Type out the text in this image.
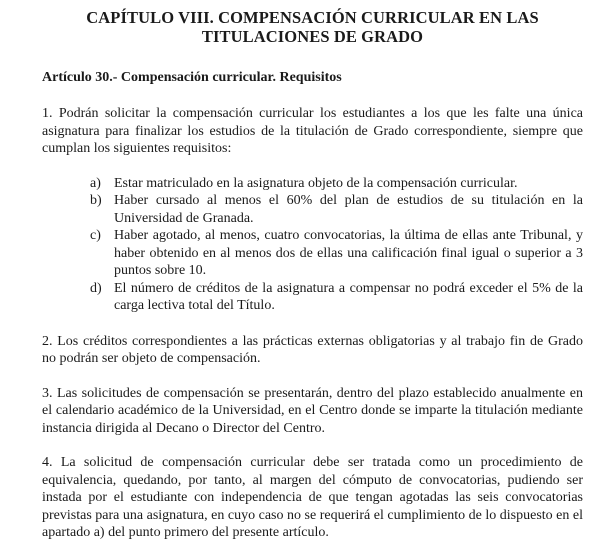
CAPÍTULO VIII. COMPENSACIÓN CURRICULAR EN LAS
TITULACIONES DE GRADO
Artículo 30.- Compensación curricular. Requisitos

1. Podrán solicitar la compensación curricular los estudiantes a los que les falte una única asignatura para finalizar los estudios de la titulación de Grado correspondiente, siempre que cumplan los siguientes requisitos:

a) Estar matriculado en la asignatura objeto de la compensación curricular.
b) Haber cursado al menos el 60% del plan de estudios de su titulación en la Universidad de Granada.
c) Haber agotado, al menos, cuatro convocatorias, la última de ellas ante Tribunal, y haber obtenido en al menos dos de ellas una calificación final igual o superior a 3 puntos sobre 10.
d) El número de créditos de la asignatura a compensar no podrá exceder el 5% de la carga lectiva total del Título.

2. Los créditos correspondientes a las prácticas externas obligatorias y al trabajo fin de Grado no podrán ser objeto de compensación.

3. Las solicitudes de compensación se presentarán, dentro del plazo establecido anualmente en el calendario académico de la Universidad, en el Centro donde se imparte la titulación mediante instancia dirigida al Decano o Director del Centro.

4. La solicitud de compensación curricular debe ser tratada como un procedimiento de equivalencia, quedando, por tanto, al margen del cómputo de convocatorias, pudiendo ser instada por el estudiante con independencia de que tengan agotadas las seis convocatorias previstas para una asignatura, en cuyo caso no se requerirá el cumplimiento de lo dispuesto en el apartado a) del punto primero del presente artículo.
